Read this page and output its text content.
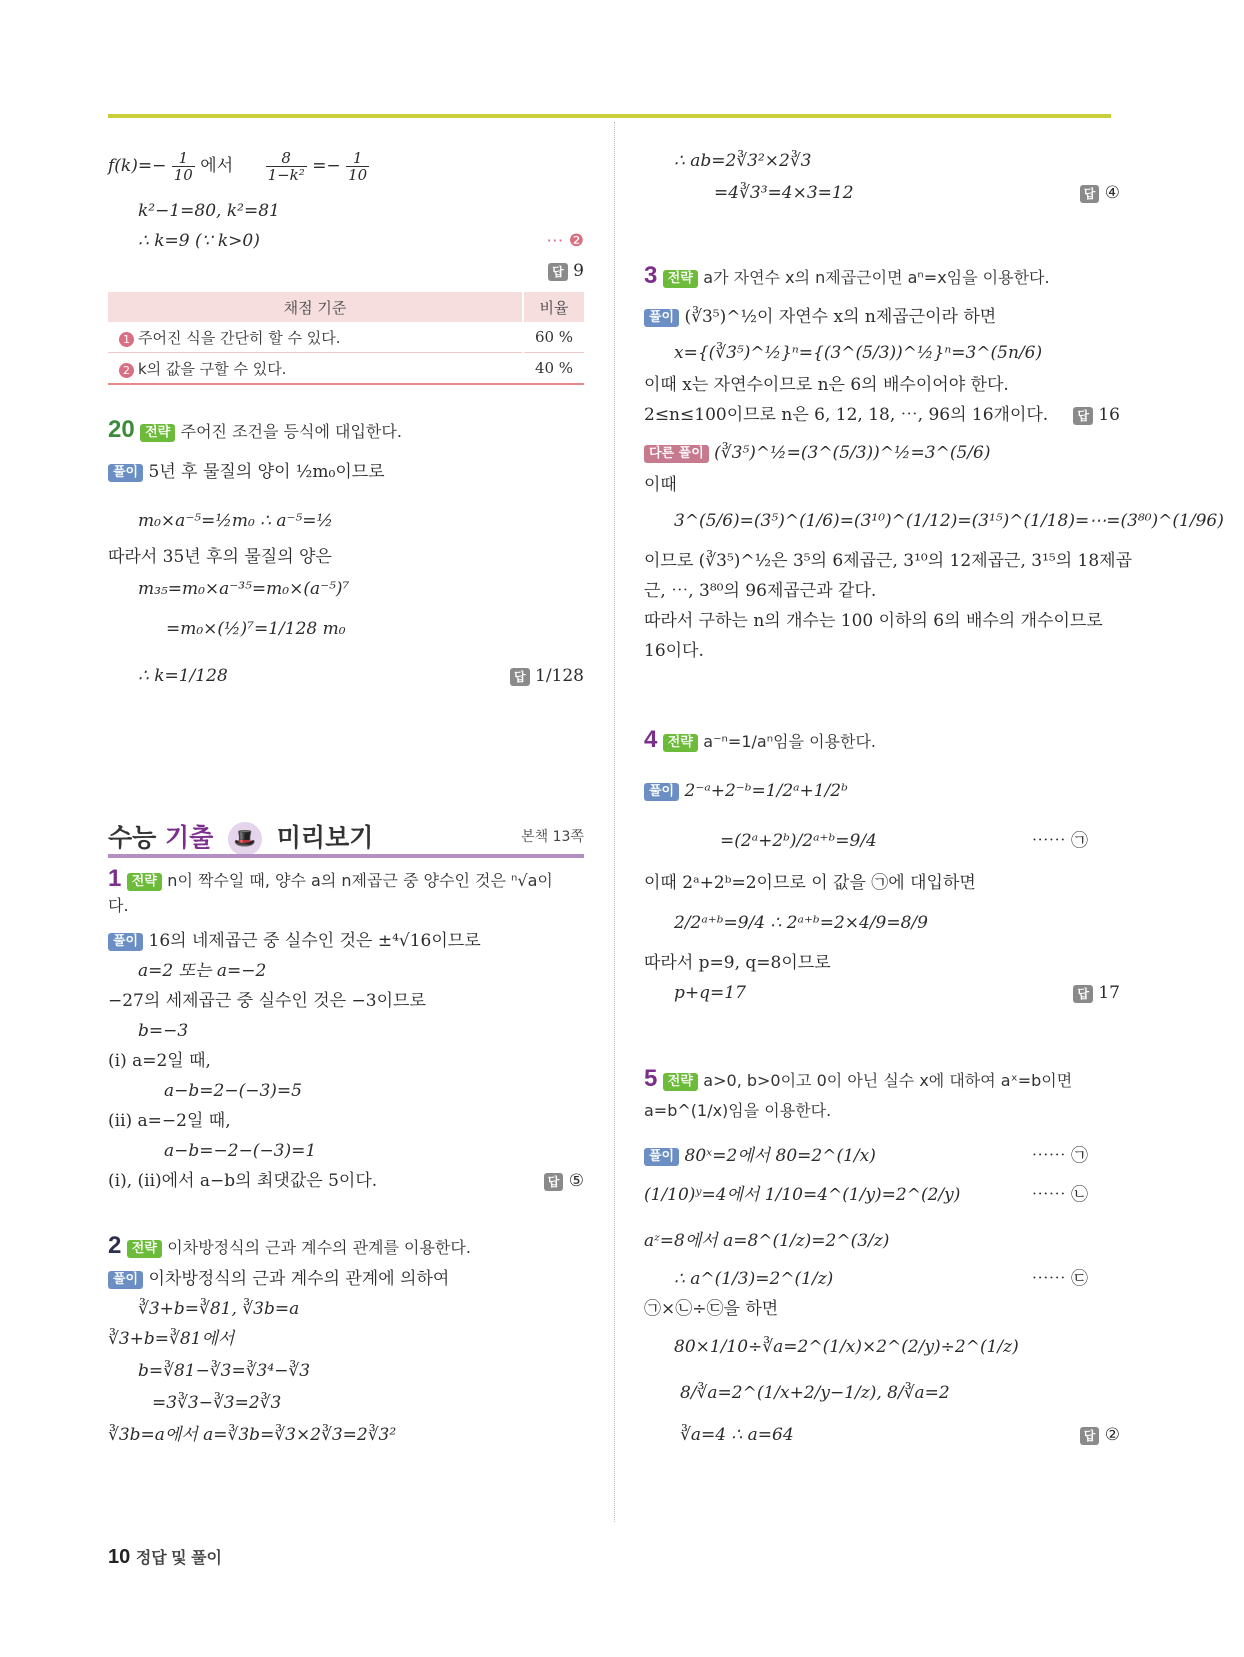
$f(k)=- \frac{1}{10}$ 에서 $\frac{8}{\text{1−k²}} =- \frac{1}{10}$
k²−1=80, k²=81
∴ k=9 (∵ k>0)	⋯ ❷
답 9
채점 기준	비율
1 주어진 식을 간단히 할 수 있다.	60 %
2 k의 값을 구할 수 있다.	40 %
20 전략 주어진 조건을 등식에 대입한다.
풀이 5년 후 물질의 양이 ½m₀이므로
m₀×a⁻⁵=½m₀ ∴ a⁻⁵=½
따라서 35년 후의 물질의 양은
m₃₅=m₀×a⁻³⁵=m₀×(a⁻⁵)⁷
=m₀×(½)⁷=1/128 m₀
∴ k=1/128	답 1/128
수능 기출 🎩 미리보기	본책 13쪽
1 전략 n이 짝수일 때, 양수 a의 n제곱근 중 양수인 것은 ⁿ√a이
다.
풀이 16의 네제곱근 중 실수인 것은 ±⁴√16이므로
a=2 또는 a=−2
−27의 세제곱근 중 실수인 것은 −3이므로
b=−3
(i) a=2일 때,
a−b=2−(−3)=5
(ii) a=−2일 때,
a−b=−2−(−3)=1
(i), (ii)에서 a−b의 최댓값은 5이다.	답 ⑤
2 전략 이차방정식의 근과 계수의 관계를 이용한다.
풀이 이차방정식의 근과 계수의 관계에 의하여
∛3+b=∛81, ∛3b=a
∛3+b=∛81에서
b=∛81−∛3=∛3⁴−∛3
=3∛3−∛3=2∛3
∛3b=a에서 a=∛3b=∛3×2∛3=2∛3²
∴ ab=2∛3²×2∛3
=4∛3³=4×3=12	답 ④
3 전략 a가 자연수 x의 n제곱근이면 aⁿ=x임을 이용한다.
풀이 (∛3⁵)^½이 자연수 x의 n제곱근이라 하면
x={(∛3⁵)^½}ⁿ={(3^(5/3))^½}ⁿ=3^(5n/6)
이때 x는 자연수이므로 n은 6의 배수이어야 한다.
2≤n≤100이므로 n은 6, 12, 18, ⋯, 96의 16개이다.	답 16
다른 풀이 (∛3⁵)^½=(3^(5/3))^½=3^(5/6)
이때
3^(5/6)=(3⁵)^(1/6)=(3¹⁰)^(1/12)=(3¹⁵)^(1/18)=⋯=(3⁸⁰)^(1/96)
이므로 (∛3⁵)^½은 3⁵의 6제곱근, 3¹⁰의 12제곱근, 3¹⁵의 18제곱
근, ⋯, 3⁸⁰의 96제곱근과 같다.
따라서 구하는 n의 개수는 100 이하의 6의 배수의 개수이므로
16이다.
4 전략 a⁻ⁿ=1/aⁿ임을 이용한다.
풀이 2⁻ᵃ+2⁻ᵇ=1/2ᵃ+1/2ᵇ
=(2ᵃ+2ᵇ)/2ᵃ⁺ᵇ=9/4	⋯⋯ ㉠
이때 2ᵃ+2ᵇ=2이므로 이 값을 ㉠에 대입하면
2/2ᵃ⁺ᵇ=9/4 ∴ 2ᵃ⁺ᵇ=2×4/9=8/9
따라서 p=9, q=8이므로
p+q=17	답 17
5 전략 a>0, b>0이고 0이 아닌 실수 x에 대하여 aˣ=b이면
a=b^(1/x)임을 이용한다.
풀이 80ˣ=2에서 80=2^(1/x)	⋯⋯ ㉠
(1/10)ʸ=4에서 1/10=4^(1/y)=2^(2/y)	⋯⋯ ㉡
aᶻ=8에서 a=8^(1/z)=2^(3/z)
∴ a^(1/3)=2^(1/z)	⋯⋯ ㉢
㉠×㉡÷㉢을 하면
80×1/10÷∛a=2^(1/x)×2^(2/y)÷2^(1/z)
8/∛a=2^(1/x+2/y−1/z), 8/∛a=2
∛a=4 ∴ a=64	답 ②
10 정답 및 풀이
